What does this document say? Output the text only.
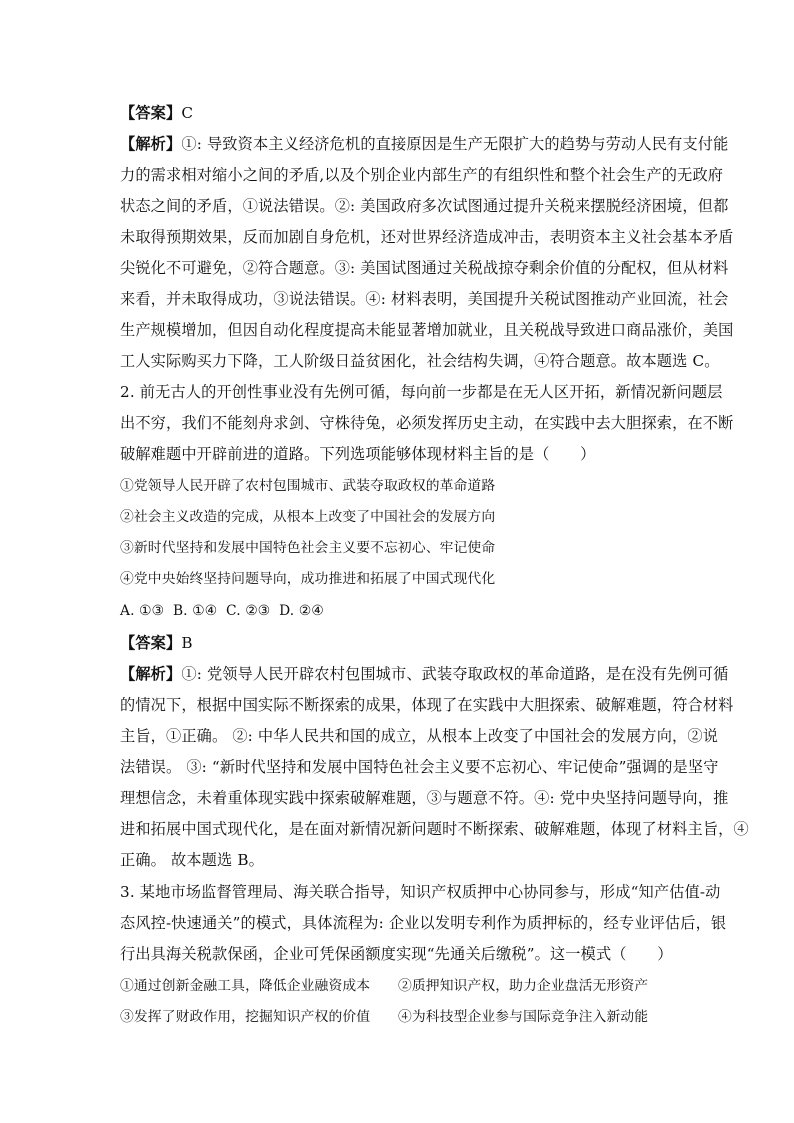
【答案】C
【解析】①: 导致资本主义经济危机的直接原因是生产无限扩大的趋势与劳动人民有支付能
力的需求相对缩小之间的矛盾,以及个别企业内部生产的有组织性和整个社会生产的无政府
状态之间的矛盾，①说法错误。②: 美国政府多次试图通过提升关税来摆脱经济困境，但都
未取得预期效果，反而加剧自身危机，还对世界经济造成冲击，表明资本主义社会基本矛盾
尖锐化不可避免，②符合题意。③: 美国试图通过关税战掠夺剩余价值的分配权，但从材料
来看，并未取得成功，③说法错误。④: 材料表明，美国提升关税试图推动产业回流，社会
生产规模增加，但因自动化程度提高未能显著增加就业，且关税战导致进口商品涨价，美国
工人实际购买力下降，工人阶级日益贫困化，社会结构失调，④符合题意。故本题选 C。
2. 前无古人的开创性事业没有先例可循，每向前一步都是在无人区开拓，新情况新问题层
出不穷，我们不能刻舟求剑、守株待兔，必须发挥历史主动，在实践中去大胆探索，在不断
破解难题中开辟前进的道路。下列选项能够体现材料主旨的是（　　）
①党领导人民开辟了农村包围城市、武装夺取政权的革命道路
②社会主义改造的完成，从根本上改变了中国社会的发展方向
③新时代坚持和发展中国特色社会主义要不忘初心、牢记使命
④党中央始终坚持问题导向，成功推进和拓展了中国式现代化
A. ①③  B. ①④  C. ②③  D. ②④
【答案】B
【解析】①: 党领导人民开辟农村包围城市、武装夺取政权的革命道路，是在没有先例可循
的情况下，根据中国实际不断探索的成果，体现了在实践中大胆探索、破解难题，符合材料
主旨，①正确。 ②: 中华人民共和国的成立，从根本上改变了中国社会的发展方向，②说
法错误。 ③: “新时代坚持和发展中国特色社会主义要不忘初心、牢记使命”强调的是坚守
理想信念，未着重体现实践中探索破解难题，③与题意不符。④: 党中央坚持问题导向，推
进和拓展中国式现代化，是在面对新情况新问题时不断探索、破解难题，体现了材料主旨，④
正确。 故本题选 B。
3. 某地市场监督管理局、海关联合指导，知识产权质押中心协同参与，形成“知产估值-动
态风控-快速通关”的模式，具体流程为: 企业以发明专利作为质押标的，经专业评估后，银
行出具海关税款保函，企业可凭保函额度实现“先通关后缴税”。这一模式（　　）
①通过创新金融工具，降低企业融资成本 ②质押知识产权，助力企业盘活无形资产
③发挥了财政作用，挖掘知识产权的价值 ④为科技型企业参与国际竞争注入新动能
